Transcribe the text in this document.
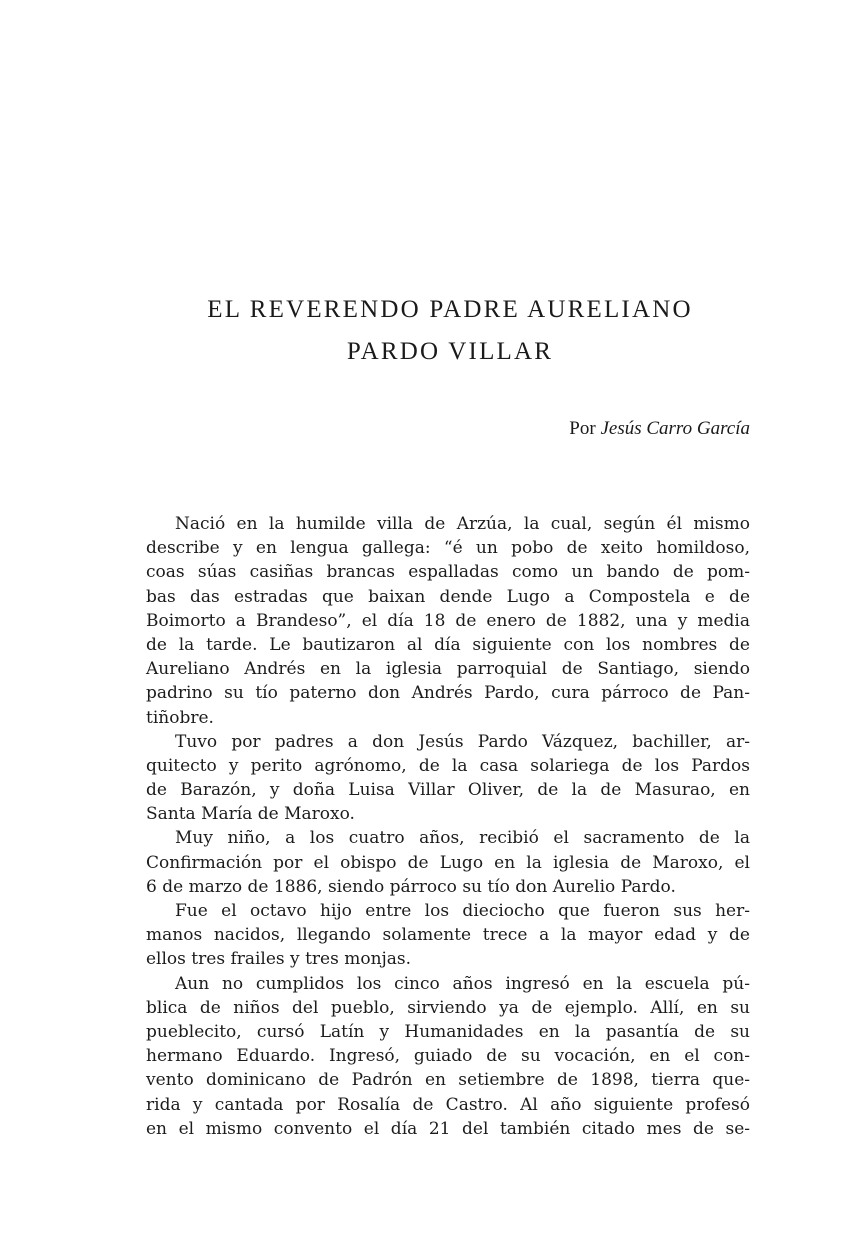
EL REVERENDO PADRE AURELIANO
PARDO VILLAR
Por Jesús Carro García
Nació en la humilde villa de Arzúa, la cual, según él mismo
describe y en lengua gallega: “é un pobo de xeito homildoso,
coas súas casiñas brancas espalladas como un bando de pom-
bas das estradas que baixan dende Lugo a Compostela e de
Boimorto a Brandeso”, el día 18 de enero de 1882, una y media
de la tarde. Le bautizaron al día siguiente con los nombres de
Aureliano Andrés en la iglesia parroquial de Santiago, siendo
padrino su tío paterno don Andrés Pardo, cura párroco de Pan-
tiñobre.
Tuvo por padres a don Jesús Pardo Vázquez, bachiller, ar-
quitecto y perito agrónomo, de la casa solariega de los Pardos
de Barazón, y doña Luisa Villar Oliver, de la de Masurao, en
Santa María de Maroxo.
Muy niño, a los cuatro años, recibió el sacramento de la
Confirmación por el obispo de Lugo en la iglesia de Maroxo, el
6 de marzo de 1886, siendo párroco su tío don Aurelio Pardo.
Fue el octavo hijo entre los dieciocho que fueron sus her-
manos nacidos, llegando solamente trece a la mayor edad y de
ellos tres frailes y tres monjas.
Aun no cumplidos los cinco años ingresó en la escuela pú-
blica de niños del pueblo, sirviendo ya de ejemplo. Allí, en su
pueblecito, cursó Latín y Humanidades en la pasantía de su
hermano Eduardo. Ingresó, guiado de su vocación, en el con-
vento dominicano de Padrón en setiembre de 1898, tierra que-
rida y cantada por Rosalía de Castro. Al año siguiente profesó
en el mismo convento el día 21 del también citado mes de se-
